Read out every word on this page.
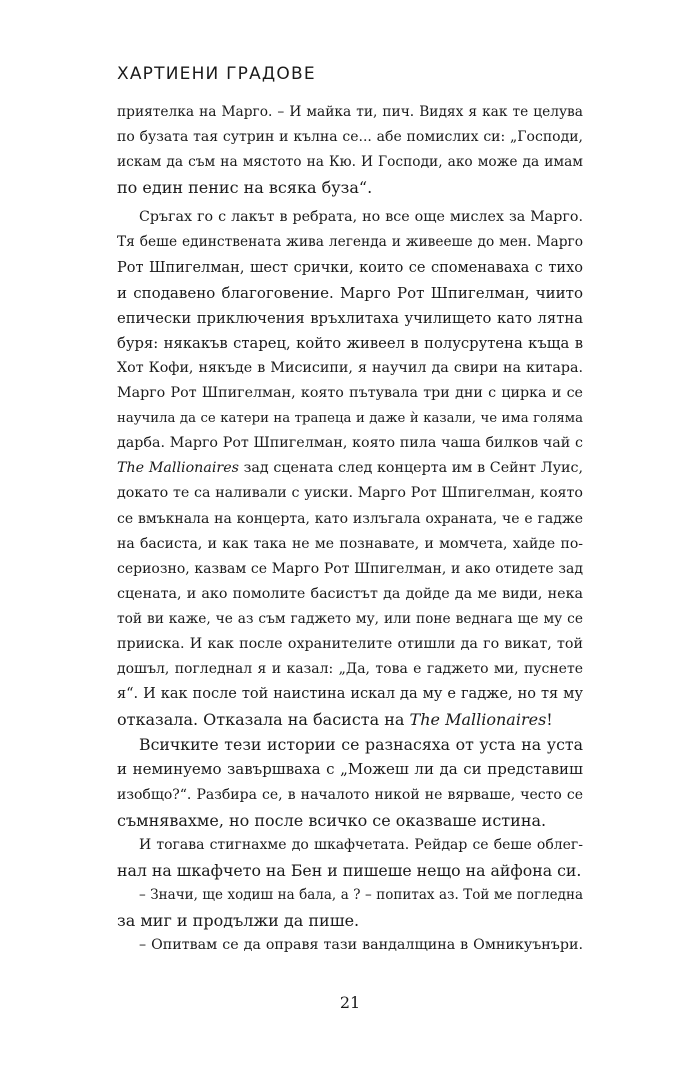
ХАРТИЕНИ ГРАДОВЕ
приятелка на Марго. – И майка ти, пич. Видях я как те целува
по бузата тая сутрин и кълна се... абе помислих си: „Господи,
искам да съм на мястото на Кю. И Господи, ако може да имам
по един пенис на всяка буза“.
Сръгах го с лакът в ребрата, но все още мислех за Марго.
Тя беше единствената жива легенда и живееше до мен. Марго
Рот Шпигелман, шест срички, които се споменаваха с тихо
и сподавено благоговение. Марго Рот Шпигелман, чиито
епически приключения връхлитаха училището като лятна
буря: някакъв старец, който живеел в полусрутена къща в
Хот Кофи, някъде в Мисисипи, я научил да свири на китара.
Марго Рот Шпигелман, която пътувала три дни с цирка и се
научила да се катери на трапеца и даже ѝ казали, че има голяма
дарба. Марго Рот Шпигелман, която пила чаша билков чай с
The Mallionaires зад сцената след концерта им в Сейнт Луис,
докато те са наливали с уиски. Марго Рот Шпигелман, която
се вмъкнала на концерта, като излъгала охраната, че е гадже
на басиста, и как така не ме познавате, и момчета, хайде по-
сериозно, казвам се Марго Рот Шпигелман, и ако отидете зад
сцената, и ако помолите басистът да дойде да ме види, нека
той ви каже, че аз съм гаджето му, или поне веднага ще му се
прииска. И как после охранителите отишли да го викат, той
дошъл, погледнал я и казал: „Да, това е гаджето ми, пуснете
я“. И как после той наистина искал да му е гадже, но тя му
отказала. Отказала на басиста на The Mallionaires!
Всичките тези истории се разнасяха от уста на уста
и неминуемо завършваха с „Можеш ли да си представиш
изобщо?“. Разбира се, в началото никой не вярваше, често се
съмнявахме, но после всичко се оказваше истина.
И тогава стигнахме до шкафчетата. Рейдар се беше облег-
нал на шкафчето на Бен и пишеше нещо на айфона си.
– Значи, ще ходиш на бала, а ? – попитах аз. Той ме погледна
за миг и продължи да пише.
– Опитвам се да оправя тази вандалщина в Омникуънъри.
21
